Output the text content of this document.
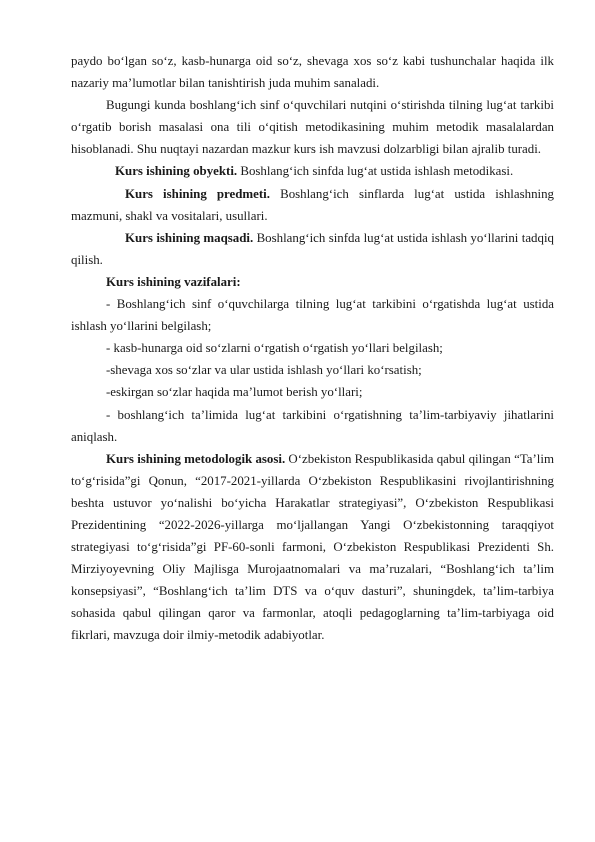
paydo bo‘lgan so‘z, kasb-hunarga oid so‘z, shevaga xos so‘z kabi tushunchalar haqida ilk nazariy ma’lumotlar bilan tanishtirish juda muhim sanaladi.

Bugungi kunda boshlang‘ich sinf o‘quvchilari nutqini o‘stirishda tilning lug‘at tarkibi o‘rgatib borish masalasi ona tili o‘qitish metodikasining muhim metodik masalalardan hisoblanadi. Shu nuqtayi nazardan mazkur kurs ish mavzusi dolzarbligi bilan ajralib turadi.

Kurs ishining obyekti. Boshlang‘ich sinfda lug‘at ustida ishlash metodikasi.

Kurs ishining predmeti. Boshlang‘ich sinflarda lug‘at ustida ishlashning mazmuni, shakl va vositalari, usullari.

Kurs ishining maqsadi. Boshlang‘ich sinfda lug‘at ustida ishlash yo‘llarini tadqiq qilish.

Kurs ishining vazifalari:

- Boshlang‘ich sinf o‘quvchilarga tilning lug‘at tarkibini o‘rgatishda lug‘at ustida ishlash yo‘llarini belgilash;

- kasb-hunarga oid so‘zlarni o‘rgatish o‘rgatish yo‘llari belgilash;

-shevaga xos so‘zlar va ular ustida ishlash yo‘llari ko‘rsatish;

-eskirgan so‘zlar haqida ma’lumot berish yo‘llari;

- boshlang‘ich ta’limida lug‘at tarkibini o‘rgatishning ta’lim-tarbiyaviy jihatlarini aniqlash.

Kurs ishining metodologik asosi. O‘zbekiston Respublikasida qabul qilingan “Ta’lim to‘g‘risida”gi Qonun, “2017-2021-yillarda O‘zbekiston Respublikasini rivojlantirishning beshta ustuvor yo‘nalishi bo‘yicha Harakatlar strategiyasi”, O‘zbekiston Respublikasi Prezidentining “2022-2026-yillarga mo‘ljallangan Yangi O‘zbekistonning taraqqiyot strategiyasi to‘g‘risida”gi PF-60-sonli farmoni, O‘zbekiston Respublikasi Prezidenti Sh. Mirziyoyevning Oliy Majlisga Murojaatnomalari va ma’ruzalari, “Boshlang‘ich ta’lim konsepsiyasi”, “Boshlang‘ich ta’lim DTS va o‘quv dasturi”, shuningdek, ta’lim-tarbiya sohasida qabul qilingan qaror va farmonlar, atoqli pedagoglarning ta’lim-tarbiyaga oid fikrlari, mavzuga doir ilmiy-metodik adabiyotlar.
